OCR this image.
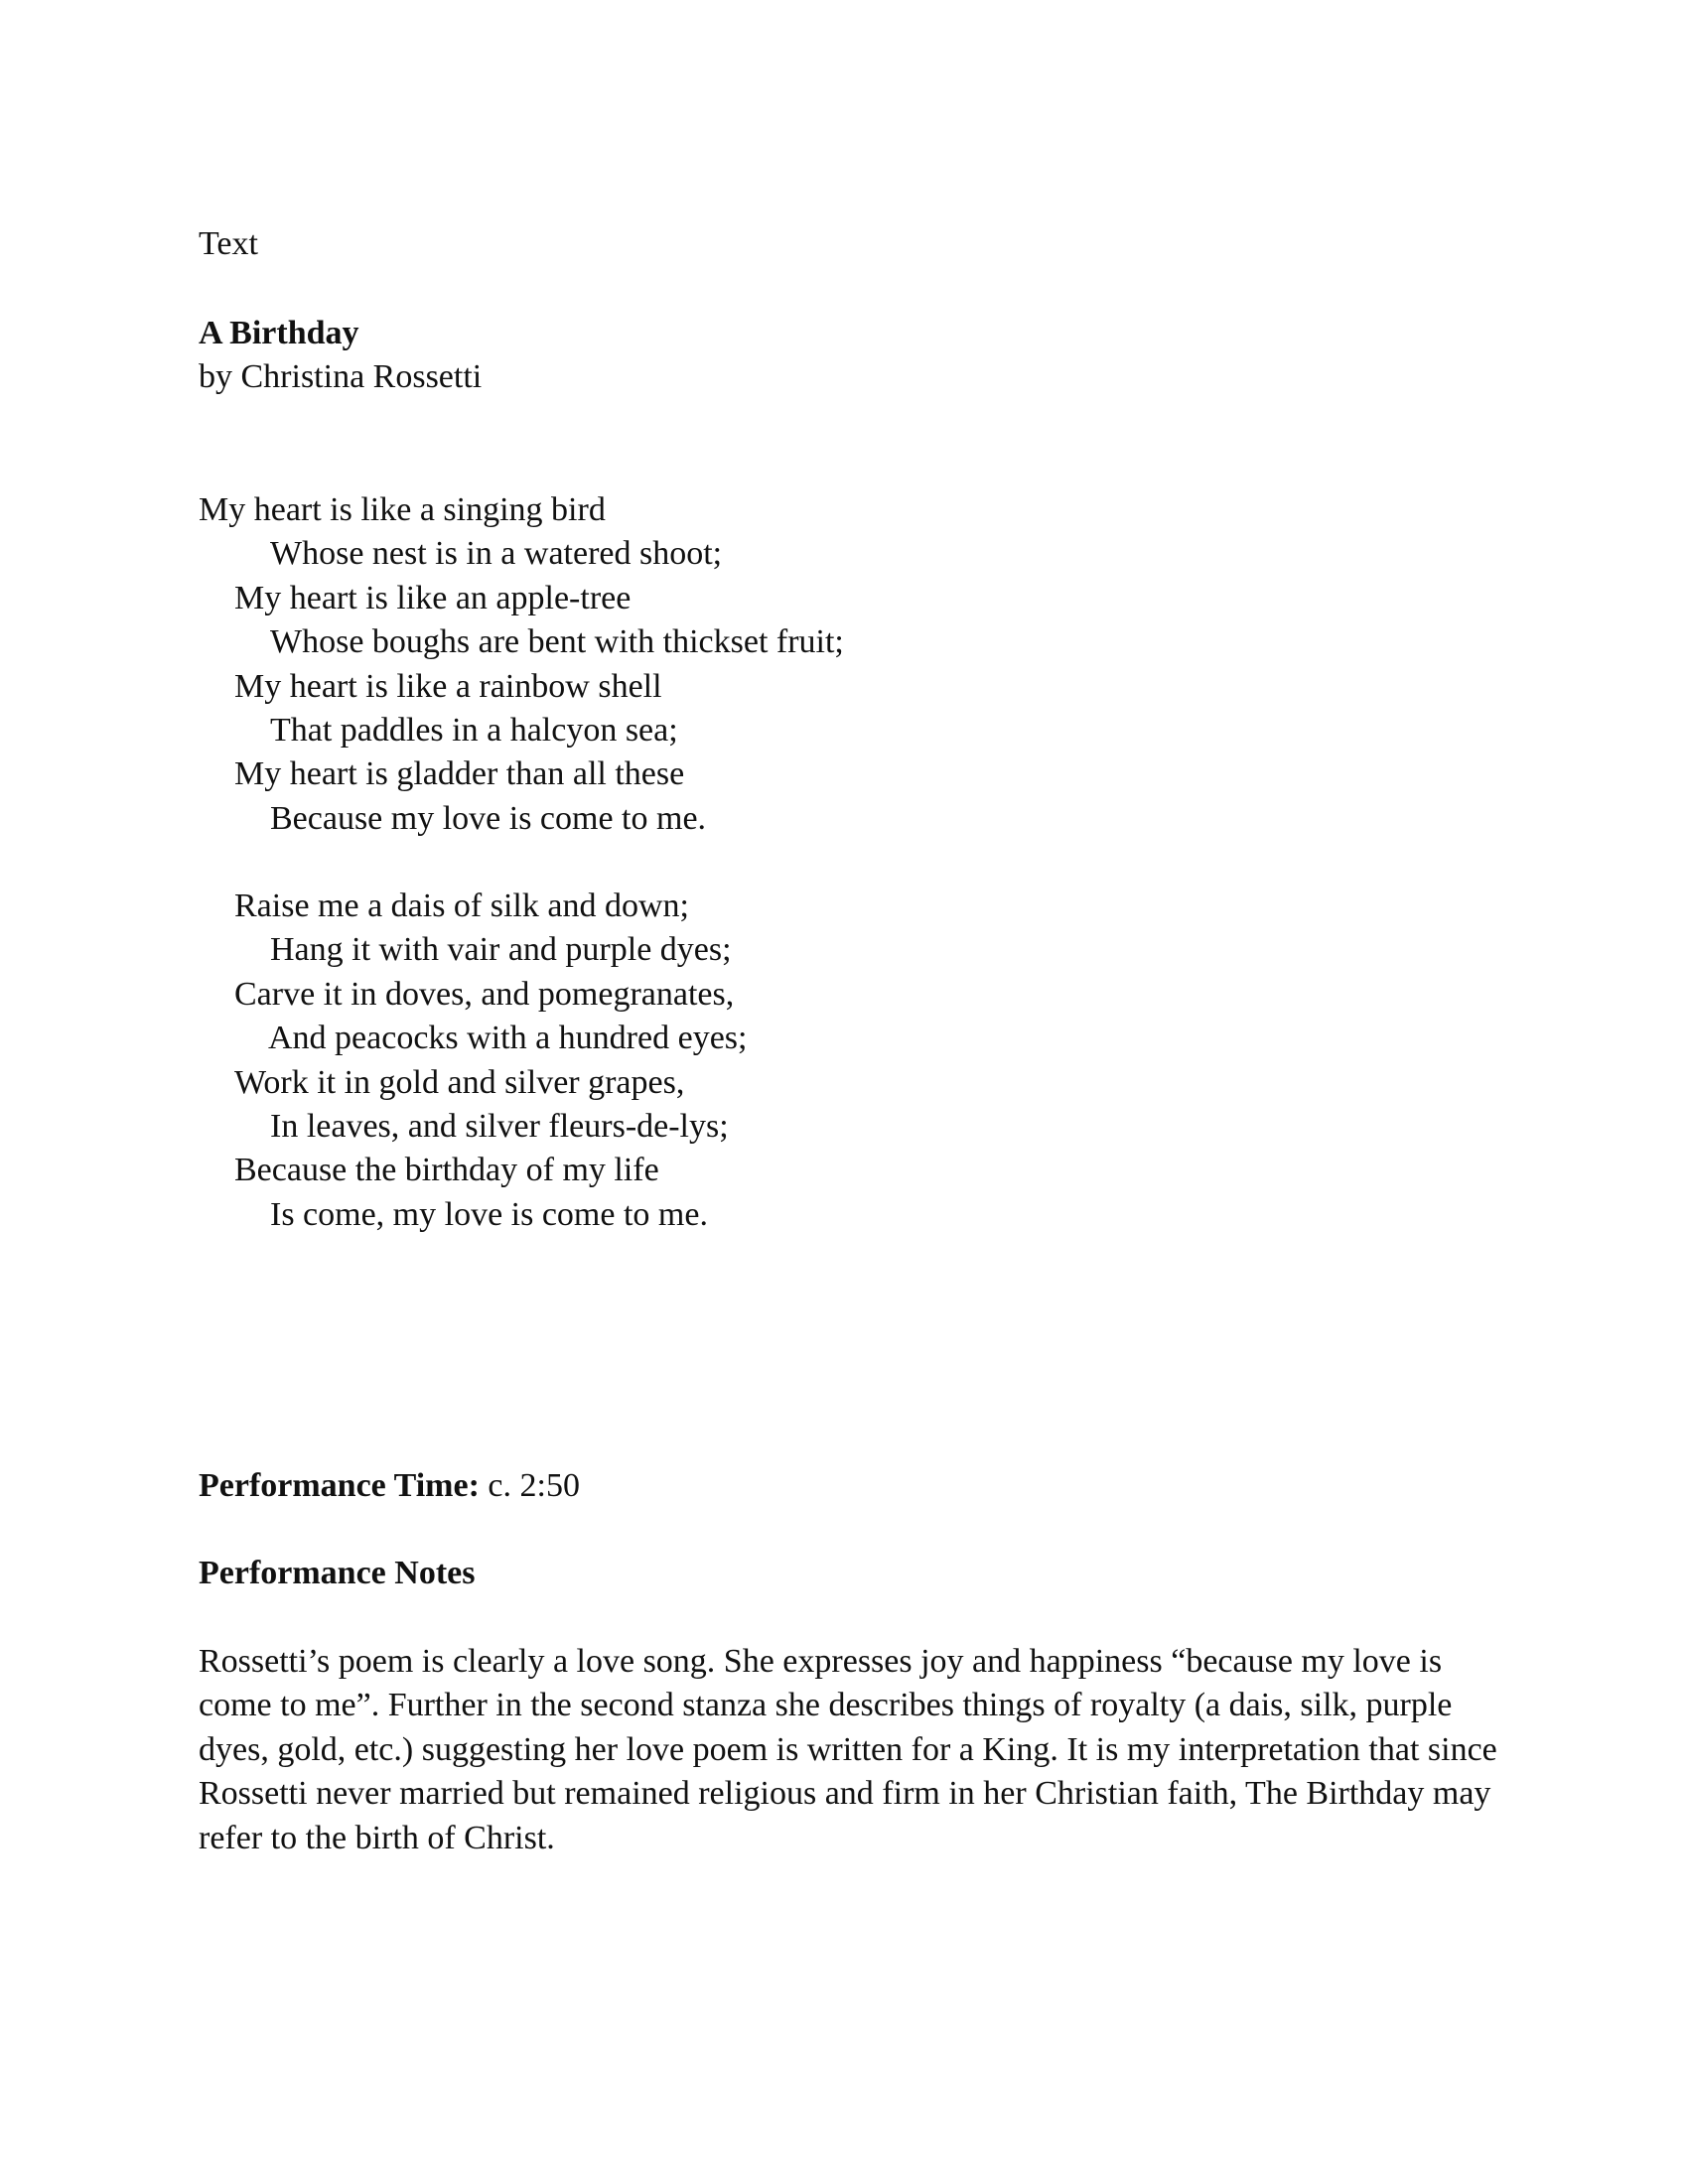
Text

A Birthday
by Christina Rossetti
My heart is like a singing bird
Whose nest is in a watered shoot;
My heart is like an apple-tree
Whose boughs are bent with thickset fruit;
My heart is like a rainbow shell
That paddles in a halcyon sea;
My heart is gladder than all these
Because my love is come to me.
Raise me a dais of silk and down;
Hang it with vair and purple dyes;
Carve it in doves, and pomegranates,
And peacocks with a hundred eyes;
Work it in gold and silver grapes,
In leaves, and silver fleurs-de-lys;
Because the birthday of my life
Is come, my love is come to me.

Performance Time: c. 2:50

Performance Notes

Rossetti’s poem is clearly a love song. She expresses joy and happiness “because my love is come to me”. Further in the second stanza she describes things of royalty (a dais, silk, purple dyes, gold, etc.) suggesting her love poem is written for a King. It is my interpretation that since Rossetti never married but remained religious and firm in her Christian faith, The Birthday may refer to the birth of Christ.
